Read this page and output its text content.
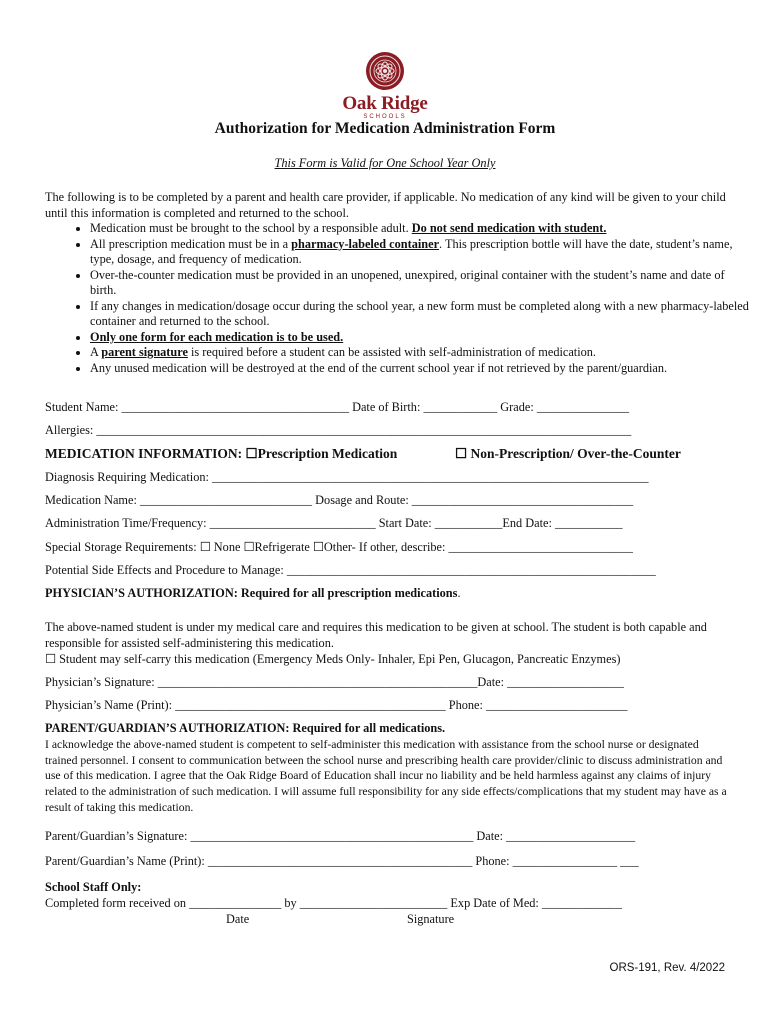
Oak Ridge
SCHOOLS
Authorization for Medication Administration Form
This Form is Valid for One School Year Only
The following is to be completed by a parent and health care provider, if applicable. No medication of any kind will be given to your child until this information is completed and returned to the school.
• Medication must be brought to the school by a responsible adult. Do not send medication with student.
• All prescription medication must be in a pharmacy-labeled container. This prescription bottle will have the date, student’s name, type, dosage, and frequency of medication.
• Over-the-counter medication must be provided in an unopened, unexpired, original container with the student’s name and date of birth.
• If any changes in medication/dosage occur during the school year, a new form must be completed along with a new pharmacy-labeled container and returned to the school.
• Only one form for each medication is to be used.
• A parent signature is required before a student can be assisted with self-administration of medication.
• Any unused medication will be destroyed at the end of the current school year if not retrieved by the parent/guardian.
Student Name: _____________________________________ Date of Birth: ____________ Grade: _______________
Allergies: _______________________________________________________________________________________
MEDICATION INFORMATION: ☐Prescription Medication	☐ Non-Prescription/ Over-the-Counter
Diagnosis Requiring Medication: _______________________________________________________________________
Medication Name: ____________________________ Dosage and Route: ____________________________________
Administration Time/Frequency: ___________________________ Start Date: ___________End Date: ___________
Special Storage Requirements: ☐ None ☐Refrigerate ☐Other- If other, describe: ______________________________
Potential Side Effects and Procedure to Manage: ____________________________________________________________
PHYSICIAN’S AUTHORIZATION: Required for all prescription medications.
The above-named student is under my medical care and requires this medication to be given at school. The student is both capable and responsible for assisted self-administering this medication.
☐ Student may self-carry this medication (Emergency Meds Only- Inhaler, Epi Pen, Glucagon, Pancreatic Enzymes)
Physician’s Signature: ____________________________________________________Date: ___________________
Physician’s Name (Print): ____________________________________________ Phone: _______________________
PARENT/GUARDIAN’S AUTHORIZATION: Required for all medications.
I acknowledge the above-named student is competent to self-administer this medication with assistance from the school nurse or designated trained personnel. I consent to communication between the school nurse and prescribing health care provider/clinic to discuss administration and use of this medication. I agree that the Oak Ridge Board of Education shall incur no liability and be held harmless against any claims of injury related to the administration of such medication. I will assume full responsibility for any side effects/complications that my student may have as a result of taking this medication.
Parent/Guardian’s Signature: ______________________________________________ Date: _____________________
Parent/Guardian’s Name (Print): ___________________________________________ Phone: _________________ ___
School Staff Only:
Completed form received on _______________ by ________________________ Exp Date of Med: _____________
Date	Signature
ORS-191, Rev. 4/2022
